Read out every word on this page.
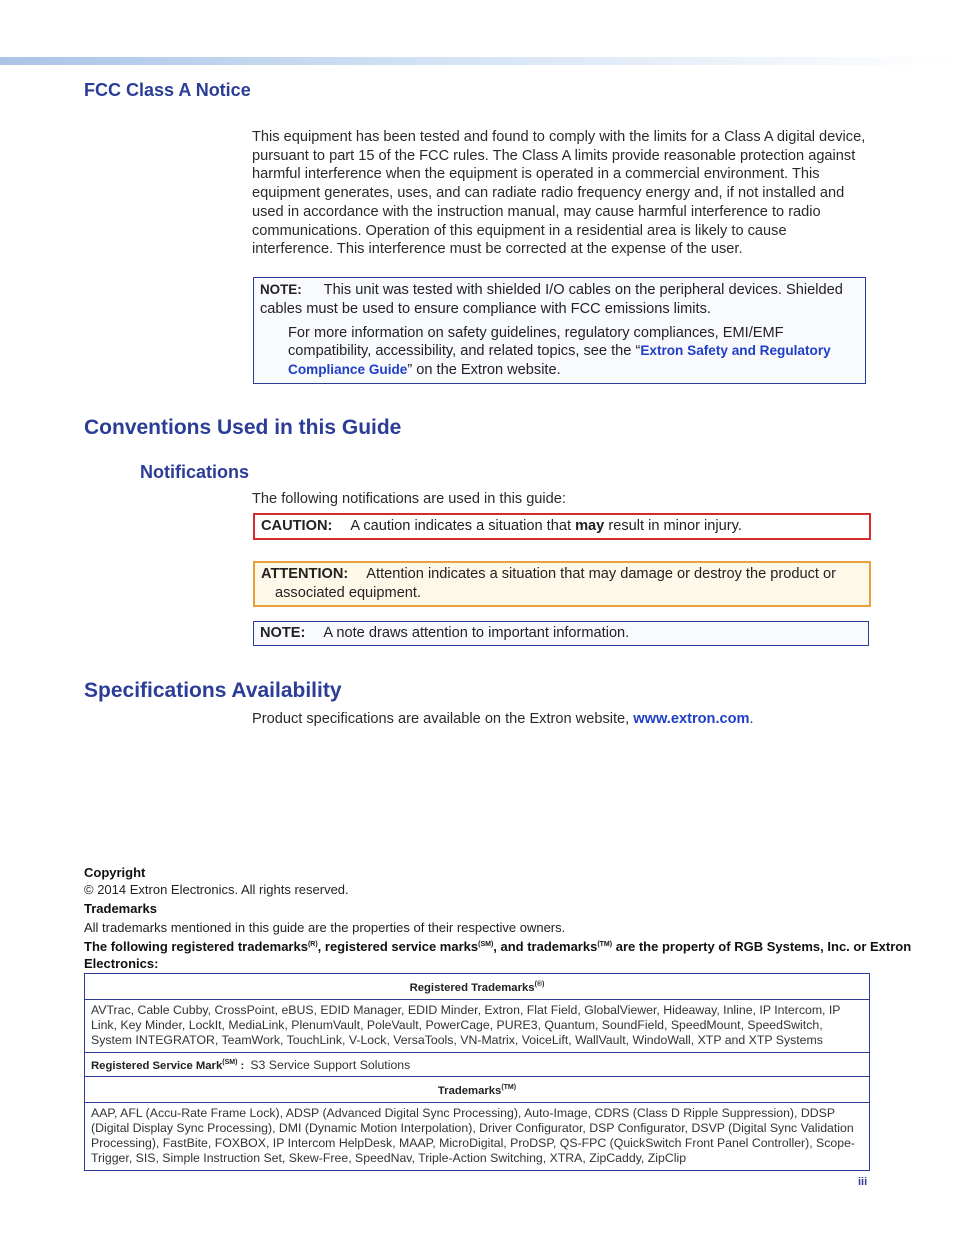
FCC Class A Notice
This equipment has been tested and found to comply with the limits for a Class A digital device, pursuant to part 15 of the FCC rules. The Class A limits provide reasonable protection against harmful interference when the equipment is operated in a commercial environment. This equipment generates, uses, and can radiate radio frequency energy and, if not installed and used in accordance with the instruction manual, may cause harmful interference to radio communications. Operation of this equipment in a residential area is likely to cause interference. This interference must be corrected at the expense of the user.
NOTE: This unit was tested with shielded I/O cables on the peripheral devices. Shielded cables must be used to ensure compliance with FCC emissions limits.
For more information on safety guidelines, regulatory compliances, EMI/EMF compatibility, accessibility, and related topics, see the “Extron Safety and Regulatory Compliance Guide” on the Extron website.
Conventions Used in this Guide
Notifications
The following notifications are used in this guide:
CAUTION: A caution indicates a situation that may result in minor injury.
ATTENTION: Attention indicates a situation that may damage or destroy the product or associated equipment.
NOTE: A note draws attention to important information.
Specifications Availability
Product specifications are available on the Extron website, www.extron.com.
Copyright
© 2014 Extron Electronics. All rights reserved.
Trademarks
All trademarks mentioned in this guide are the properties of their respective owners.
The following registered trademarks$^{(R)}$, registered service marks$^{(SM)}$, and trademarks$^{(TM)}$ are the property of RGB Systems, Inc. or Extron Electronics:
Registered Trademarks(®)
AVTrac, Cable Cubby, CrossPoint, eBUS, EDID Manager, EDID Minder, Extron, Flat Field, GlobalViewer, Hideaway, Inline, IP Intercom, IP Link, Key Minder, LockIt, MediaLink, PlenumVault, PoleVault, PowerCage, PURE3, Quantum, SoundField, SpeedMount, SpeedSwitch, System INTEGRATOR, TeamWork, TouchLink, V-Lock, VersaTools, VN-Matrix, VoiceLift, WallVault, WindoWall, XTP and XTP Systems
Registered Service Mark$^{(SM)}$ : S3 Service Support Solutions
Trademarks$^{(TM)}$
AAP, AFL (Accu-Rate Frame Lock), ADSP (Advanced Digital Sync Processing), Auto-Image, CDRS (Class D Ripple Suppression), DDSP (Digital Display Sync Processing), DMI (Dynamic Motion Interpolation), Driver Configurator, DSP Configurator, DSVP (Digital Sync Validation Processing), FastBite, FOXBOX, IP Intercom HelpDesk, MAAP, MicroDigital, ProDSP, QS-FPC (QuickSwitch Front Panel Controller), Scope-Trigger, SIS, Simple Instruction Set, Skew-Free, SpeedNav, Triple-Action Switching, XTRA, ZipCaddy, ZipClip
iii
